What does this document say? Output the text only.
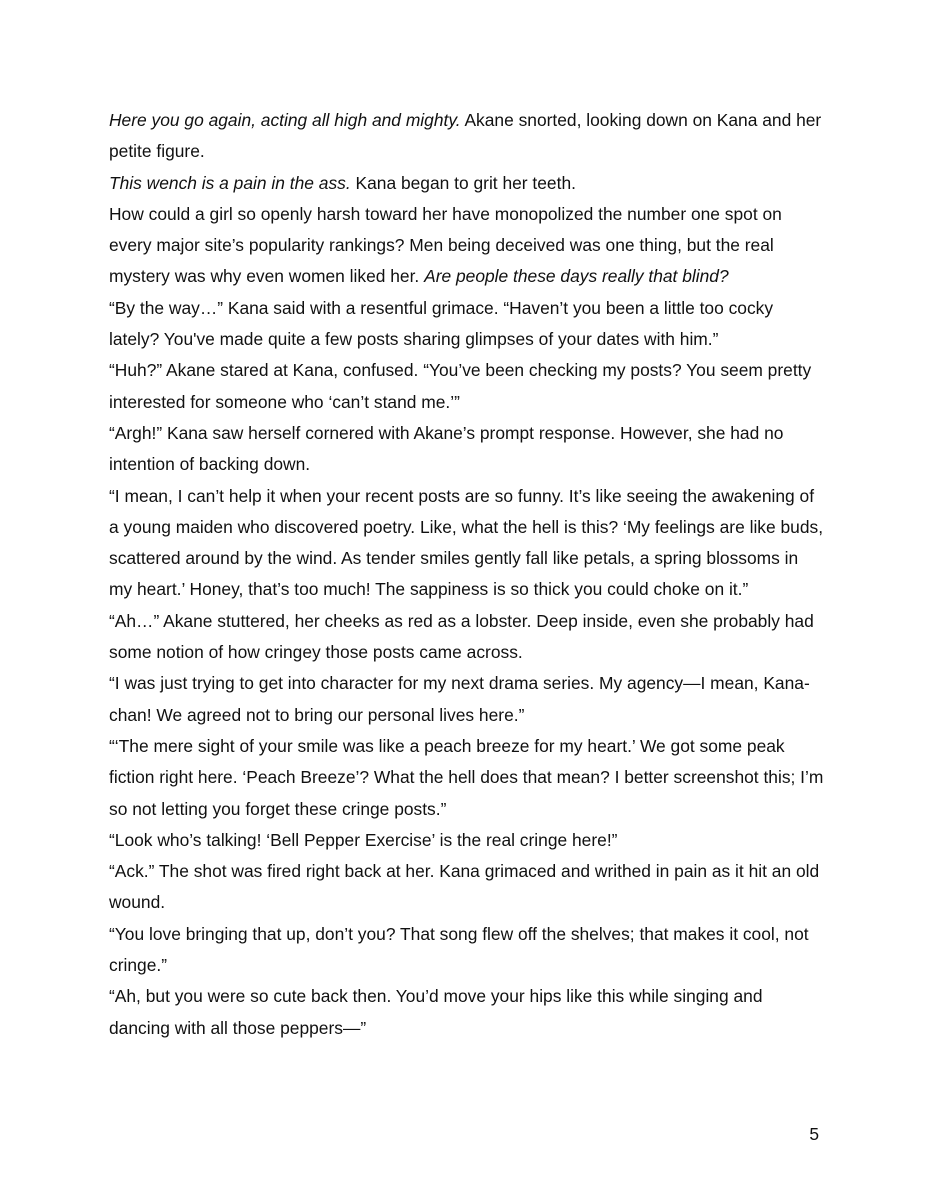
Here you go again, acting all high and mighty. Akane snorted, looking down on Kana and her petite figure.

This wench is a pain in the ass. Kana began to grit her teeth.

How could a girl so openly harsh toward her have monopolized the number one spot on every major site’s popularity rankings? Men being deceived was one thing, but the real mystery was why even women liked her. Are people these days really that blind?

“By the way…” Kana said with a resentful grimace. “Haven’t you been a little too cocky lately? You've made quite a few posts sharing glimpses of your dates with him.”

“Huh?” Akane stared at Kana, confused. “You’ve been checking my posts? You seem pretty interested for someone who ‘can’t stand me.’”

“Argh!” Kana saw herself cornered with Akane’s prompt response. However, she had no intention of backing down.

“I mean, I can’t help it when your recent posts are so funny. It’s like seeing the awakening of a young maiden who discovered poetry. Like, what the hell is this? ‘My feelings are like buds, scattered around by the wind. As tender smiles gently fall like petals, a spring blossoms in my heart.’ Honey, that’s too much! The sappiness is so thick you could choke on it.”

“Ah…” Akane stuttered, her cheeks as red as a lobster. Deep inside, even she probably had some notion of how cringey those posts came across.

“I was just trying to get into character for my next drama series. My agency—I mean, Kana-chan! We agreed not to bring our personal lives here.”

“‘The mere sight of your smile was like a peach breeze for my heart.’ We got some peak fiction right here. ‘Peach Breeze’? What the hell does that mean? I better screenshot this; I’m so not letting you forget these cringe posts.”

“Look who’s talking! ‘Bell Pepper Exercise’ is the real cringe here!”

“Ack.” The shot was fired right back at her. Kana grimaced and writhed in pain as it hit an old wound.

“You love bringing that up, don’t you? That song flew off the shelves; that makes it cool, not cringe.”

“Ah, but you were so cute back then. You’d move your hips like this while singing and dancing with all those peppers—”

5
